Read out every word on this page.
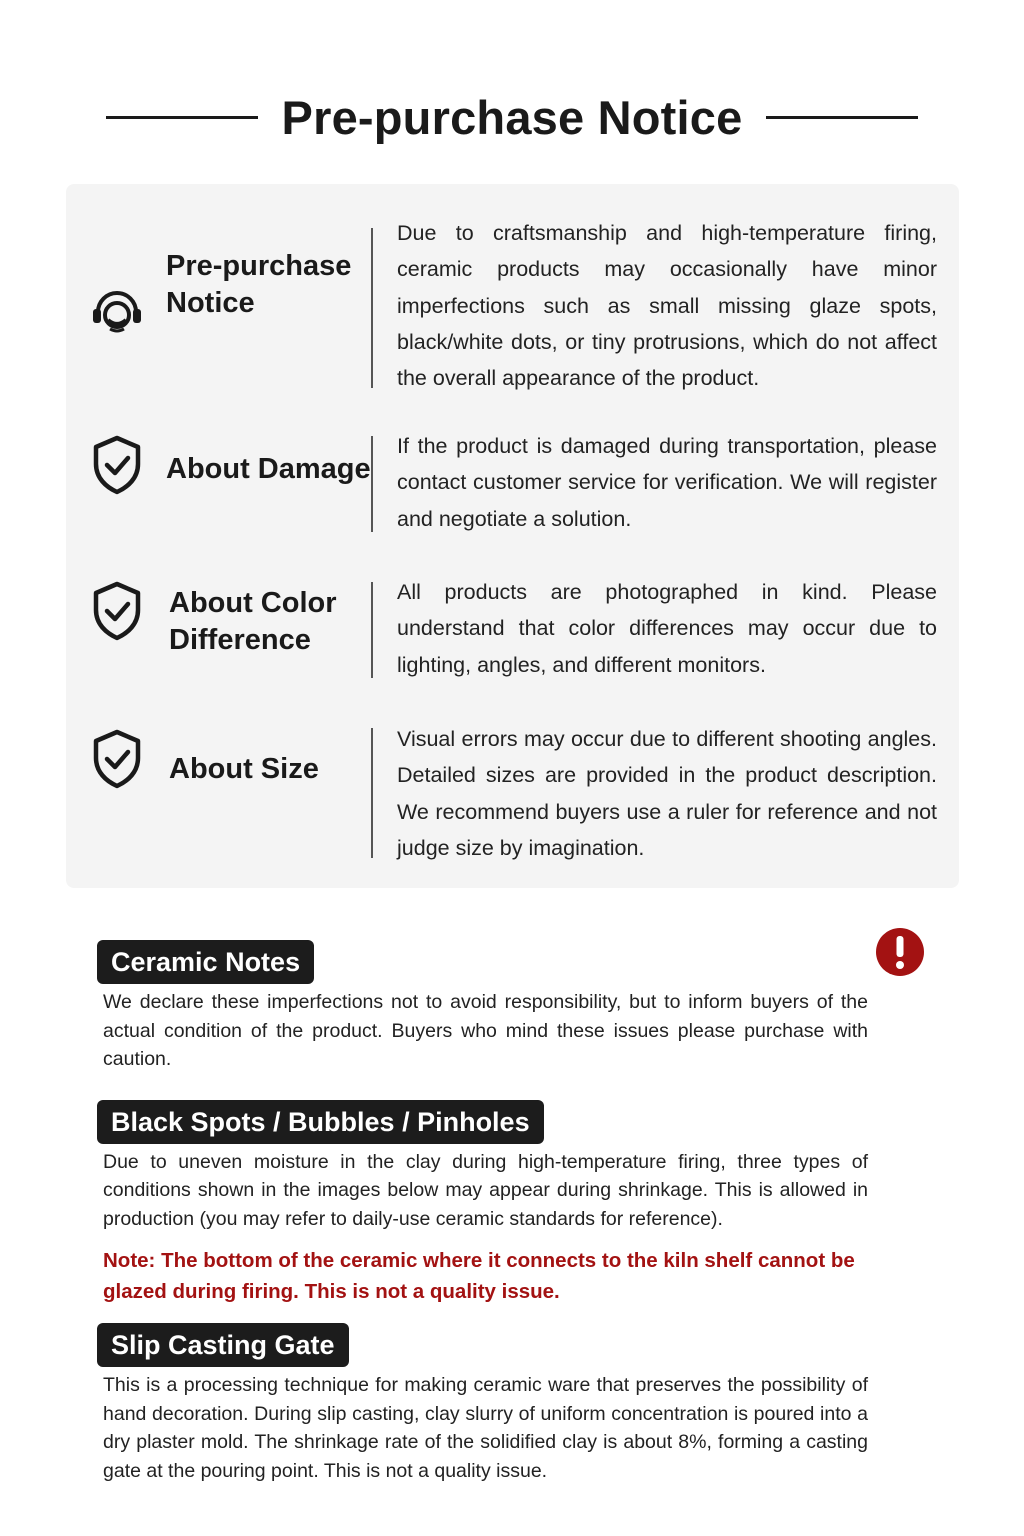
Pre-purchase Notice
Pre-purchase Notice
Due to craftsmanship and high-temperature firing, ceramic products may occasionally have minor imperfections such as small missing glaze spots, black/white dots, or tiny protrusions, which do not affect the overall appearance of the product.
About Damage
If the product is damaged during transportation, please contact customer service for verification. We will register and negotiate a solution.
About Color Difference
All products are photographed in kind. Please understand that color differences may occur due to lighting, angles, and different monitors.
About Size
Visual errors may occur due to different shooting angles. Detailed sizes are provided in the product description. We recommend buyers use a ruler for reference and not judge size by imagination.
Ceramic Notes
We declare these imperfections not to avoid responsibility, but to inform buyers of the actual condition of the product. Buyers who mind these issues please purchase with caution.
Black Spots / Bubbles / Pinholes
Due to uneven moisture in the clay during high-temperature firing, three types of conditions shown in the images below may appear during shrinkage. This is allowed in production (you may refer to daily-use ceramic standards for reference).
Note: The bottom of the ceramic where it connects to the kiln shelf cannot be glazed during firing. This is not a quality issue.
Slip Casting Gate
This is a processing technique for making ceramic ware that preserves the possibility of hand decoration. During slip casting, clay slurry of uniform concentration is poured into a dry plaster mold. The shrinkage rate of the solidified clay is about 8%, forming a casting gate at the pouring point. This is not a quality issue.
